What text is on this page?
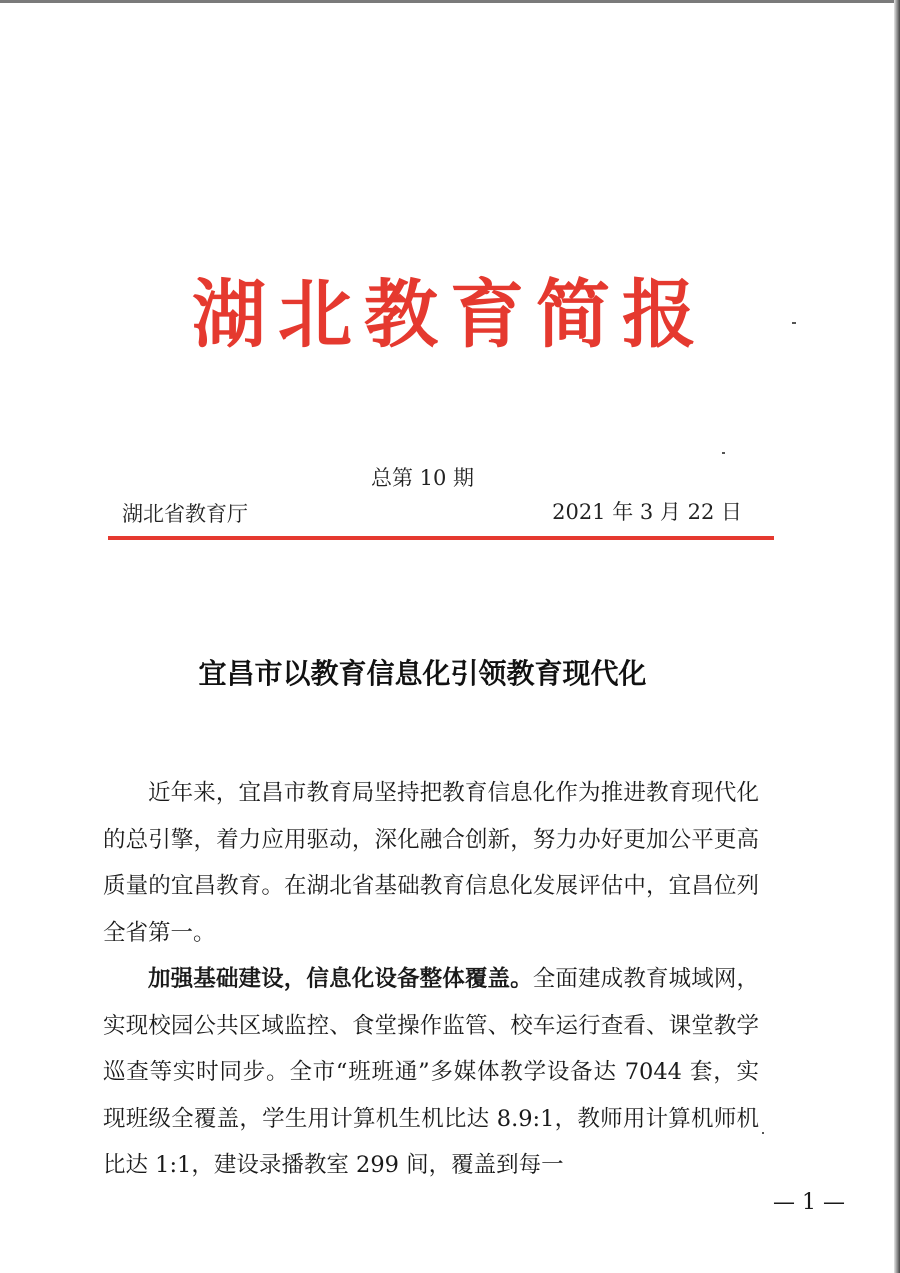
湖北教育简报
总第 10 期
湖北省教育厅	2021 年 3 月 22 日
宜昌市以教育信息化引领教育现代化

近年来，宜昌市教育局坚持把教育信息化作为推进教育现代化的总引擎，着力应用驱动，深化融合创新，努力办好更加公平更高质量的宜昌教育。在湖北省基础教育信息化发展评估中，宜昌位列全省第一。

加强基础建设，信息化设备整体覆盖。全面建成教育城域网，实现校园公共区域监控、食堂操作监管、校车运行查看、课堂教学巡查等实时同步。全市“班班通”多媒体教学设备达 7044 套，实现班级全覆盖，学生用计算机生机比达 8.9:1，教师用计算机师机比达 1:1，建设录播教室 299 间，覆盖到每一

— 1 —
